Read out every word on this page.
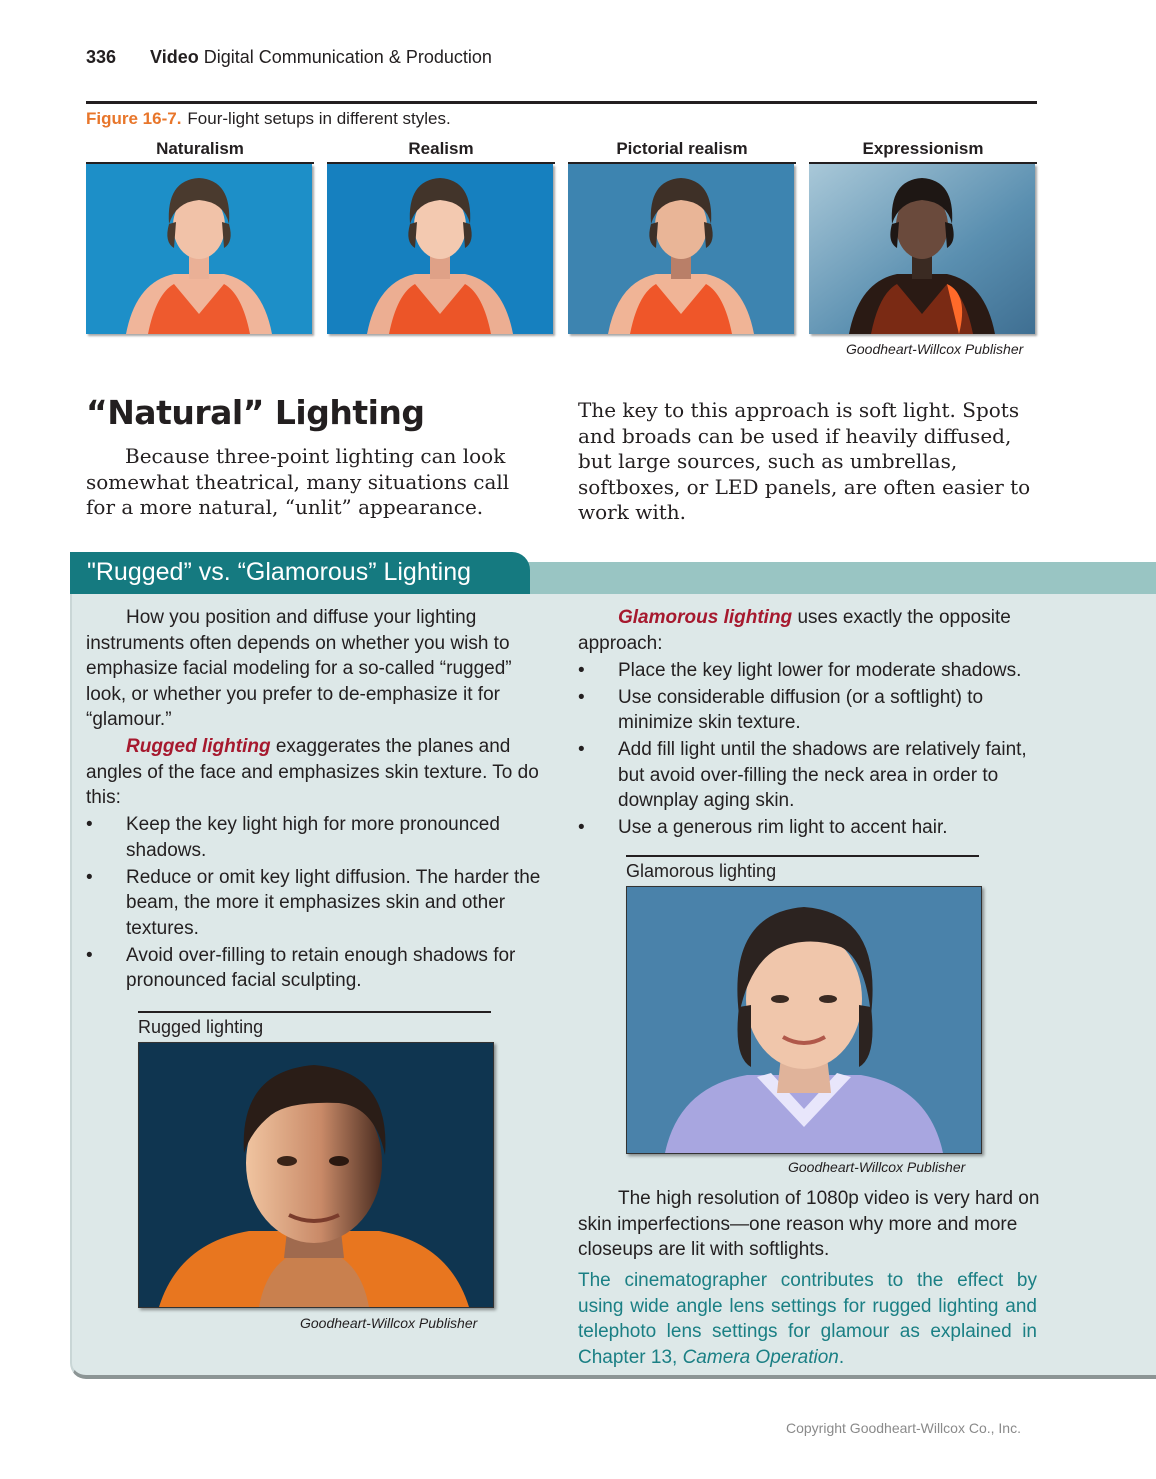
336 Video Digital Communication & Production
Figure 16-7. Four-light setups in different styles.
Naturalism	Realism	Pictorial realism	Expressionism
Goodheart-Willcox Publisher
“Natural” Lighting
Because three-point lighting can look somewhat theatrical, many situations call for a more natural, “unlit” appearance.
The key to this approach is soft light. Spots and broads can be used if heavily diffused, but large sources, such as umbrellas, softboxes, or LED panels, are often easier to work with.
"Rugged” vs. “Glamorous” Lighting
How you position and diffuse your lighting instruments often depends on whether you wish to emphasize facial modeling for a so-called “rugged” look, or whether you prefer to de-emphasize it for “glamour.”
Rugged lighting exaggerates the planes and angles of the face and emphasizes skin texture. To do this:
• Keep the key light high for more pronounced shadows.
• Reduce or omit key light diffusion. The harder the beam, the more it emphasizes skin and other textures.
• Avoid over-filling to retain enough shadows for pronounced facial sculpting.
Rugged lighting
Goodheart-Willcox Publisher
Glamorous lighting uses exactly the opposite approach:
• Place the key light lower for moderate shadows.
• Use considerable diffusion (or a softlight) to minimize skin texture.
• Add fill light until the shadows are relatively faint, but avoid over-filling the neck area in order to downplay aging skin.
• Use a generous rim light to accent hair.
Glamorous lighting
Goodheart-Willcox Publisher
The high resolution of 1080p video is very hard on skin imperfections—one reason why more and more closeups are lit with softlights.
The cinematographer contributes to the effect by using wide angle lens settings for rugged lighting and telephoto lens settings for glamour as explained in Chapter 13, Camera Operation.
Copyright Goodheart-Willcox Co., Inc.
